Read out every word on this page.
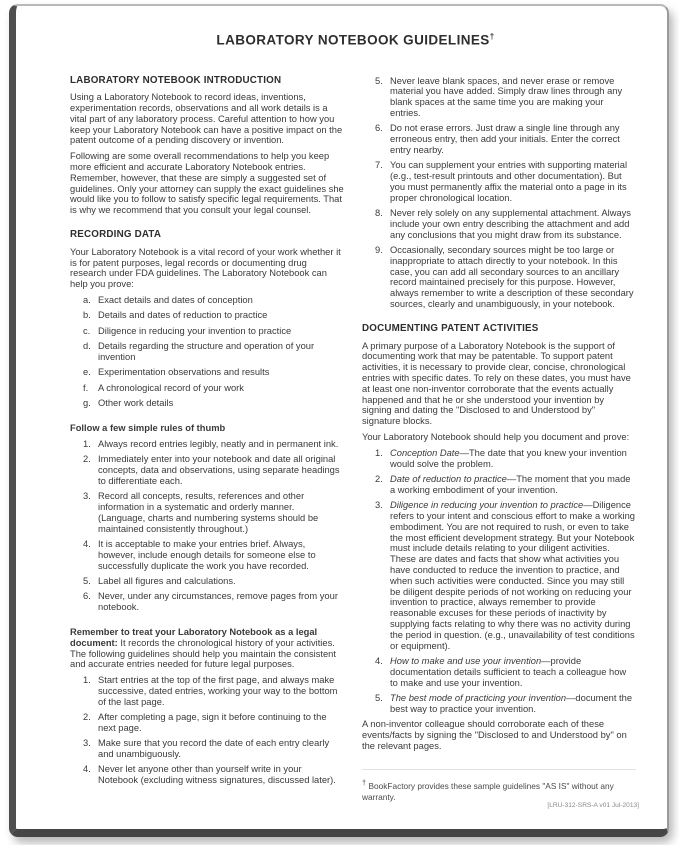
LABORATORY NOTEBOOK GUIDELINES†
LABORATORY NOTEBOOK INTRODUCTION

Using a Laboratory Notebook to record ideas, inventions, experimentation records, observations and all work details is a vital part of any laboratory process. Careful attention to how you keep your Laboratory Notebook can have a positive impact on the patent outcome of a pending discovery or invention.

Following are some overall recommendations to help you keep more efficient and accurate Laboratory Notebook entries. Remember, however, that these are simply a suggested set of guidelines. Only your attorney can supply the exact guidelines she would like you to follow to satisfy specific legal requirements. That is why we recommend that you consult your legal counsel.

RECORDING DATA

Your Laboratory Notebook is a vital record of your work whether it is for patent purposes, legal records or documenting drug research under FDA guidelines. The Laboratory Notebook can help you prove:

a. Exact details and dates of conception
b. Details and dates of reduction to practice
c. Diligence in reducing your invention to practice
d. Details regarding the structure and operation of your invention
e. Experimentation observations and results
f.	A chronological record of your work
g. Other work details
Follow a few simple rules of thumb
1. Always record entries legibly, neatly and in permanent ink.
2. Immediately enter into your notebook and date all original concepts, data and observations, using separate headings to differentiate each.
3. Record all concepts, results, references and other information in a systematic and orderly manner. (Language, charts and numbering systems should be maintained consistently throughout.)
4. It is acceptable to make your entries brief. Always, however, include enough details for someone else to successfully duplicate the work you have recorded.
5. Label all figures and calculations.
6. Never, under any circumstances, remove pages from your notebook.

Remember to treat your Laboratory Notebook as a legal document: It records the chronological history of your activities. The following guidelines should help you maintain the consistent and accurate entries needed for future legal purposes.

1. Start entries at the top of the first page, and always make successive, dated entries, working your way to the bottom of the last page.
2. After completing a page, sign it before continuing to the next page.
3. Make sure that you record the date of each entry clearly and unambiguously.
4. Never let anyone other than yourself write in your Notebook (excluding witness signatures, discussed later).
5. Never leave blank spaces, and never erase or remove material you have added. Simply draw lines through any blank spaces at the same time you are making your entries.
6. Do not erase errors. Just draw a single line through any erroneous entry, then add your initials. Enter the correct entry nearby.
7. You can supplement your entries with supporting material (e.g., test-result printouts and other documentation). But you must permanently affix the material onto a page in its proper chronological location.
8. Never rely solely on any supplemental attachment. Always include your own entry describing the attachment and add any conclusions that you might draw from its substance.
9. Occasionally, secondary sources might be too large or inappropriate to attach directly to your notebook. In this case, you can add all secondary sources to an ancillary record maintained precisely for this purpose. However, always remember to write a description of these secondary sources, clearly and unambiguously, in your notebook.
DOCUMENTING PATENT ACTIVITIES

A primary purpose of a Laboratory Notebook is the support of documenting work that may be patentable. To support patent activities, it is necessary to provide clear, concise, chronological entries with specific dates. To rely on these dates, you must have at least one non-inventor corroborate that the events actually happened and that he or she understood your invention by signing and dating the "Disclosed to and Understood by" signature blocks.

Your Laboratory Notebook should help you document and prove:

1. Conception Date—The date that you knew your invention would solve the problem.
2. Date of reduction to practice—The moment that you made a working embodiment of your invention.
3. Diligence in reducing your invention to practice—Diligence refers to your intent and conscious effort to make a working embodiment. You are not required to rush, or even to take the most efficient development strategy. But your Notebook must include details relating to your diligent activities. These are dates and facts that show what activities you have conducted to reduce the invention to practice, and when such activities were conducted. Since you may still be diligent despite periods of not working on reducing your invention to practice, always remember to provide reasonable excuses for these periods of inactivity by supplying facts relating to why there was no activity during the period in question. (e.g., unavailability of test conditions or equipment).
4. How to make and use your invention—provide documentation details sufficient to teach a colleague how to make and use your invention.
5. The best mode of practicing your invention—document the best way to practice your invention.

A non-inventor colleague should corroborate each of these events/facts by signing the "Disclosed to and Understood by" on the relevant pages.

† BookFactory provides these sample guidelines "AS IS" without any warranty.
[LRU-312-SRS-A v01 Jul-2013]
